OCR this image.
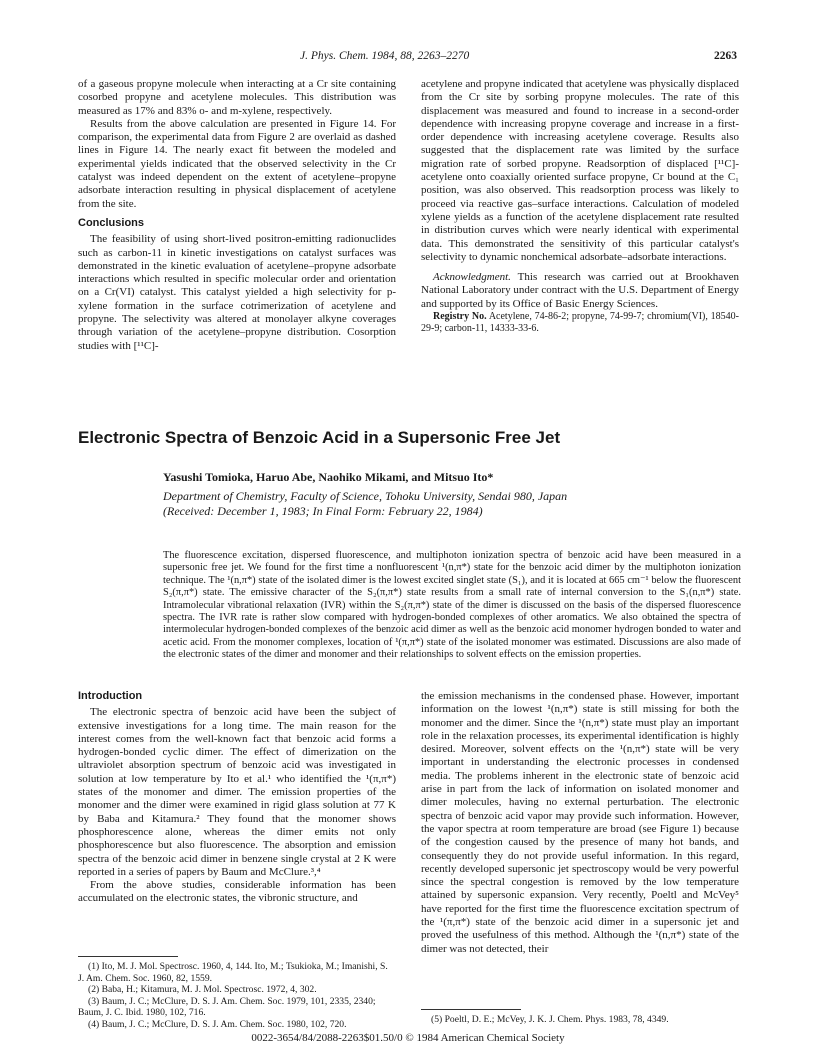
J. Phys. Chem. 1984, 88, 2263–2270	2263

of a gaseous propyne molecule when interacting at a Cr site containing cosorbed propyne and acetylene molecules. This distribution was measured as 17% and 83% o- and m-xylene, respectively.

Results from the above calculation are presented in Figure 14. For comparison, the experimental data from Figure 2 are overlaid as dashed lines in Figure 14. The nearly exact fit between the modeled and experimental yields indicated that the observed selectivity in the Cr catalyst was indeed dependent on the extent of acetylene–propyne adsorbate interaction resulting in physical displacement of acetylene from the site.

Conclusions

The feasibility of using short-lived positron-emitting radionuclides such as carbon-11 in kinetic investigations on catalyst surfaces was demonstrated in the kinetic evaluation of acetylene–propyne adsorbate interactions which resulted in specific molecular order and orientation on a Cr(VI) catalyst. This catalyst yielded a high selectivity for p-xylene formation in the surface cotrimerization of acetylene and propyne. The selectivity was altered at monolayer alkyne coverages through variation of the acetylene–propyne distribution. Cosorption studies with [¹¹C]-

acetylene and propyne indicated that acetylene was physically displaced from the Cr site by sorbing propyne molecules. The rate of this displacement was measured and found to increase in a second-order dependence with increasing propyne coverage and increase in a first-order dependence with increasing acetylene coverage. Results also suggested that the displacement rate was limited by the surface migration rate of sorbed propyne. Readsorption of displaced [¹¹C]-acetylene onto coaxially oriented surface propyne, Cr bound at the C₁ position, was also observed. This readsorption process was likely to proceed via reactive gas–surface interactions. Calculation of modeled xylene yields as a function of the acetylene displacement rate resulted in distribution curves which were nearly identical with experimental data. This demonstrated the sensitivity of this particular catalyst's selectivity to dynamic nonchemical adsorbate–adsorbate interactions.

Acknowledgment. This research was carried out at Brookhaven National Laboratory under contract with the U.S. Department of Energy and supported by its Office of Basic Energy Sciences.

Registry No. Acetylene, 74-86-2; propyne, 74-99-7; chromium(VI), 18540-29-9; carbon-11, 14333-33-6.

Electronic Spectra of Benzoic Acid in a Supersonic Free Jet
Yasushi Tomioka, Haruo Abe, Naohiko Mikami, and Mitsuo Ito*
Department of Chemistry, Faculty of Science, Tohoku University, Sendai 980, Japan
(Received: December 1, 1983; In Final Form: February 22, 1984)
The fluorescence excitation, dispersed fluorescence, and multiphoton ionization spectra of benzoic acid have been measured in a supersonic free jet. We found for the first time a nonfluorescent ¹(n,π*) state for the benzoic acid dimer by the multiphoton ionization technique. The ¹(n,π*) state of the isolated dimer is the lowest excited singlet state (S₁), and it is located at 665 cm⁻¹ below the fluorescent S₂(π,π*) state. The emissive character of the S₂(π,π*) state results from a small rate of internal conversion to the S₁(n,π*) state. Intramolecular vibrational relaxation (IVR) within the S₂(π,π*) state of the dimer is discussed on the basis of the dispersed fluorescence spectra. The IVR rate is rather slow compared with hydrogen-bonded complexes of other aromatics. We also obtained the spectra of intermolecular hydrogen-bonded complexes of the benzoic acid dimer as well as the benzoic acid monomer hydrogen bonded to water and acetic acid. From the monomer complexes, location of ¹(π,π*) state of the isolated monomer was estimated. Discussions are also made of the electronic states of the dimer and monomer and their relationships to solvent effects on the emission properties.
Introduction

The electronic spectra of benzoic acid have been the subject of extensive investigations for a long time. The main reason for the interest comes from the well-known fact that benzoic acid forms a hydrogen-bonded cyclic dimer. The effect of dimerization on the ultraviolet absorption spectrum of benzoic acid was investigated in solution at low temperature by Ito et al.¹ who identified the ¹(π,π*) states of the monomer and dimer. The emission properties of the monomer and the dimer were examined in rigid glass solution at 77 K by Baba and Kitamura.² They found that the monomer shows phosphorescence alone, whereas the dimer emits not only phosphorescence but also fluorescence. The absorption and emission spectra of the benzoic acid dimer in benzene single crystal at 2 K were reported in a series of papers by Baum and McClure.³,⁴

From the above studies, considerable information has been accumulated on the electronic states, the vibronic structure, and

the emission mechanisms in the condensed phase. However, important information on the lowest ¹(n,π*) state is still missing for both the monomer and the dimer. Since the ¹(n,π*) state must play an important role in the relaxation processes, its experimental identification is highly desired. Moreover, solvent effects on the ¹(n,π*) state will be very important in understanding the electronic processes in condensed media. The problems inherent in the electronic state of benzoic acid arise in part from the lack of information on isolated monomer and dimer molecules, having no external perturbation. The electronic spectra of benzoic acid vapor may provide such information. However, the vapor spectra at room temperature are broad (see Figure 1) because of the congestion caused by the presence of many hot bands, and consequently they do not provide useful information. In this regard, recently developed supersonic jet spectroscopy would be very powerful since the spectral congestion is removed by the low temperature attained by supersonic expansion. Very recently, Poeltl and McVey⁵ have reported for the first time the fluorescence excitation spectrum of the ¹(π,π*) state of the benzoic acid dimer in a supersonic jet and proved the usefulness of this method. Although the ¹(n,π*) state of the dimer was not detected, their

(1) Ito, M. J. Mol. Spectrosc. 1960, 4, 144. Ito, M.; Tsukioka, M.; Imanishi, S. J. Am. Chem. Soc. 1960, 82, 1559.
(2) Baba, H.; Kitamura, M. J. Mol. Spectrosc. 1972, 4, 302.
(3) Baum, J. C.; McClure, D. S. J. Am. Chem. Soc. 1979, 101, 2335, 2340; Baum, J. C. Ibid. 1980, 102, 716.
(4) Baum, J. C.; McClure, D. S. J. Am. Chem. Soc. 1980, 102, 720.	(5) Poeltl, D. E.; McVey, J. K. J. Chem. Phys. 1983, 78, 4349.
0022-3654/84/2088-2263$01.50/0 © 1984 American Chemical Society
